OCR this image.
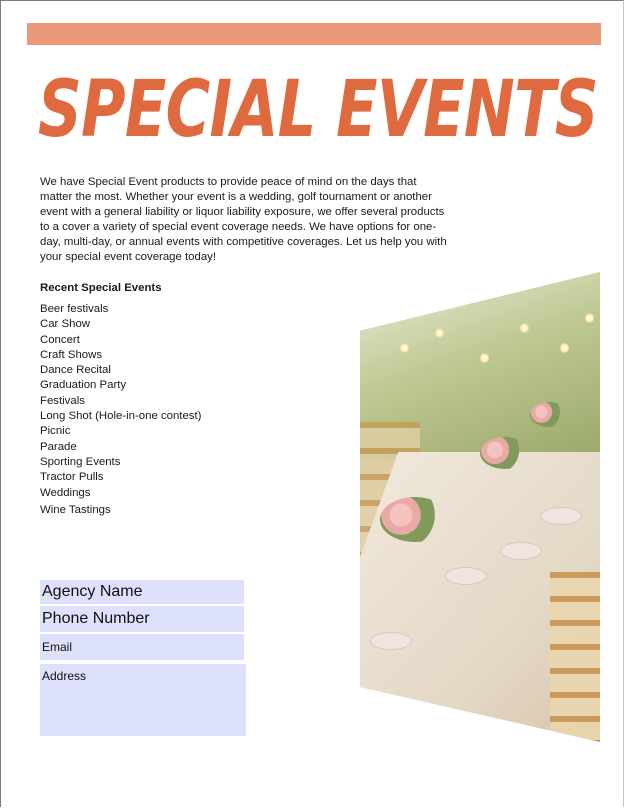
SPECIAL EVENTS

We have Special Event products to provide peace of mind on the days that matter the most. Whether your event is a wedding, golf tournament or another event with a general liability or liquor liability exposure, we offer several products to a cover a variety of special event coverage needs. We have options for one-day, multi-day, or annual events with competitive coverages. Let us help you with your special event coverage today!

Recent Special Events
Beer festivals
Car Show
Concert
Craft Shows
Dance Recital
Graduation Party
Festivals
Long Shot (Hole-in-one contest)
Picnic
Parade
Sporting Events
Tractor Pulls
Weddings
Wine Tastings
Agency Name
Phone Number
Email
Address
